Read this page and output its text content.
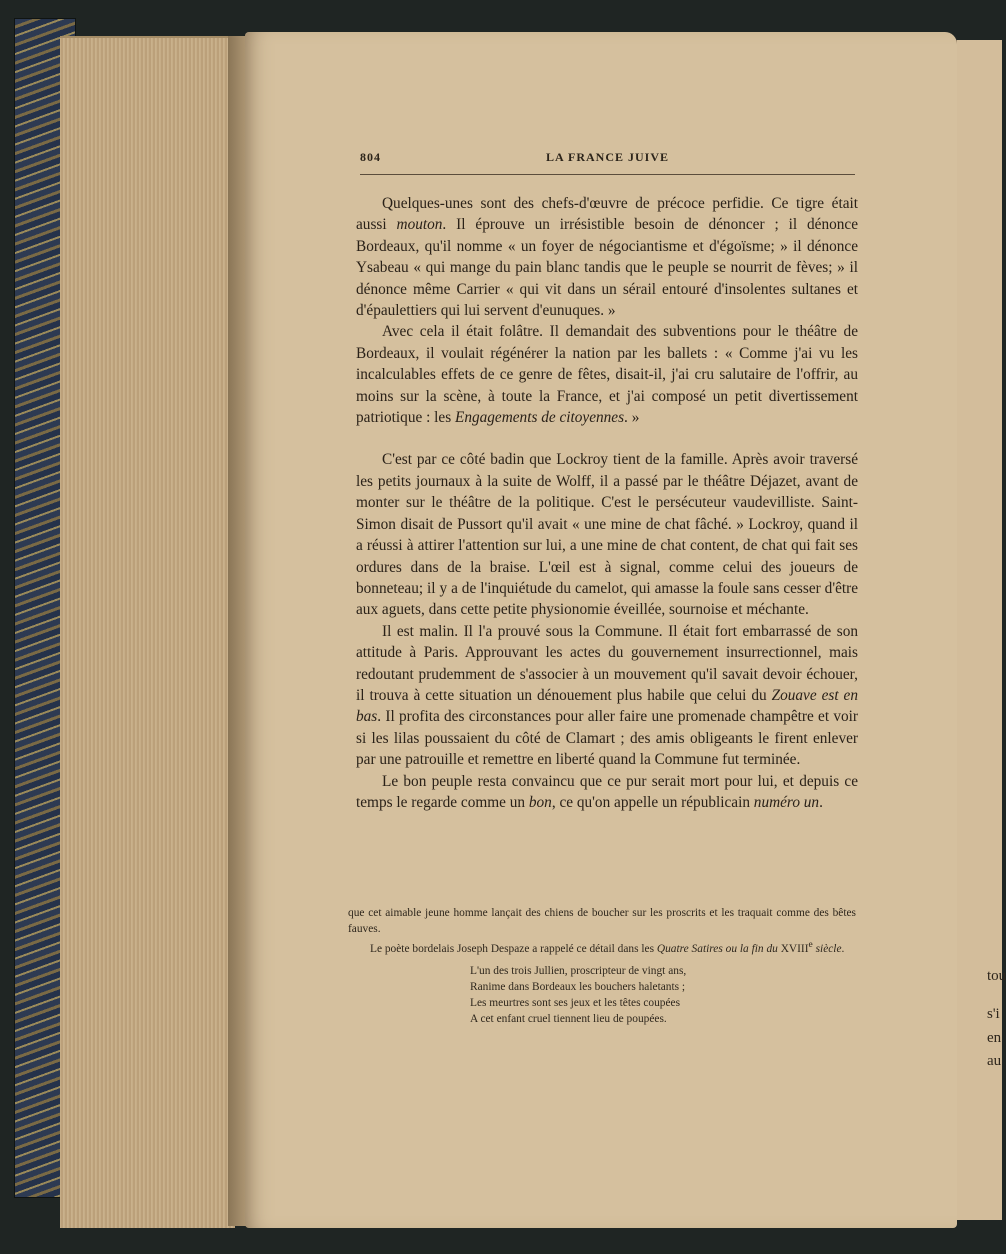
tou
s'i
en
au
804	LA FRANCE JUIVE

Quelques-unes sont des chefs-d'œuvre de précoce perfidie. Ce tigre était aussi mouton. Il éprouve un irrésistible besoin de dénoncer ; il dénonce Bordeaux, qu'il nomme « un foyer de négociantisme et d'égoïsme; » il dénonce Ysabeau « qui mange du pain blanc tandis que le peuple se nourrit de fèves; » il dénonce même Carrier « qui vit dans un sérail entouré d'insolentes sultanes et d'épaulettiers qui lui servent d'eunuques. »

Avec cela il était folâtre. Il demandait des subventions pour le théâtre de Bordeaux, il voulait régénérer la nation par les ballets : « Comme j'ai vu les incalculables effets de ce genre de fêtes, disait-il, j'ai cru salutaire de l'offrir, au moins sur la scène, à toute la France, et j'ai composé un petit divertissement patriotique : les Engagements de citoyennes. »

C'est par ce côté badin que Lockroy tient de la famille. Après avoir traversé les petits journaux à la suite de Wolff, il a passé par le théâtre Déjazet, avant de monter sur le théâtre de la politique. C'est le persécuteur vaudevilliste. Saint-Simon disait de Pussort qu'il avait « une mine de chat fâché. » Lockroy, quand il a réussi à attirer l'attention sur lui, a une mine de chat content, de chat qui fait ses ordures dans de la braise. L'œil est à signal, comme celui des joueurs de bonneteau; il y a de l'inquiétude du camelot, qui amasse la foule sans cesser d'être aux aguets, dans cette petite physionomie éveillée, sournoise et méchante.

Il est malin. Il l'a prouvé sous la Commune. Il était fort embarrassé de son attitude à Paris. Approuvant les actes du gouvernement insurrectionnel, mais redoutant prudemment de s'associer à un mouvement qu'il savait devoir échouer, il trouva à cette situation un dénouement plus habile que celui du Zouave est en bas. Il profita des circonstances pour aller faire une promenade champêtre et voir si les lilas poussaient du côté de Clamart ; des amis obligeants le firent enlever par une patrouille et remettre en liberté quand la Commune fut terminée.

Le bon peuple resta convaincu que ce pur serait mort pour lui, et depuis ce temps le regarde comme un bon, ce qu'on appelle un républicain numéro un.

que cet aimable jeune homme lançait des chiens de boucher sur les proscrits et les traquait comme des bêtes fauves.

Le poète bordelais Joseph Despaze a rappelé ce détail dans les Quatre Satires ou la fin du XVIIIe siècle.

L'un des trois Jullien, proscripteur de vingt ans,
Ranime dans Bordeaux les bouchers haletants ;
Les meurtres sont ses jeux et les têtes coupées
A cet enfant cruel tiennent lieu de poupées.
